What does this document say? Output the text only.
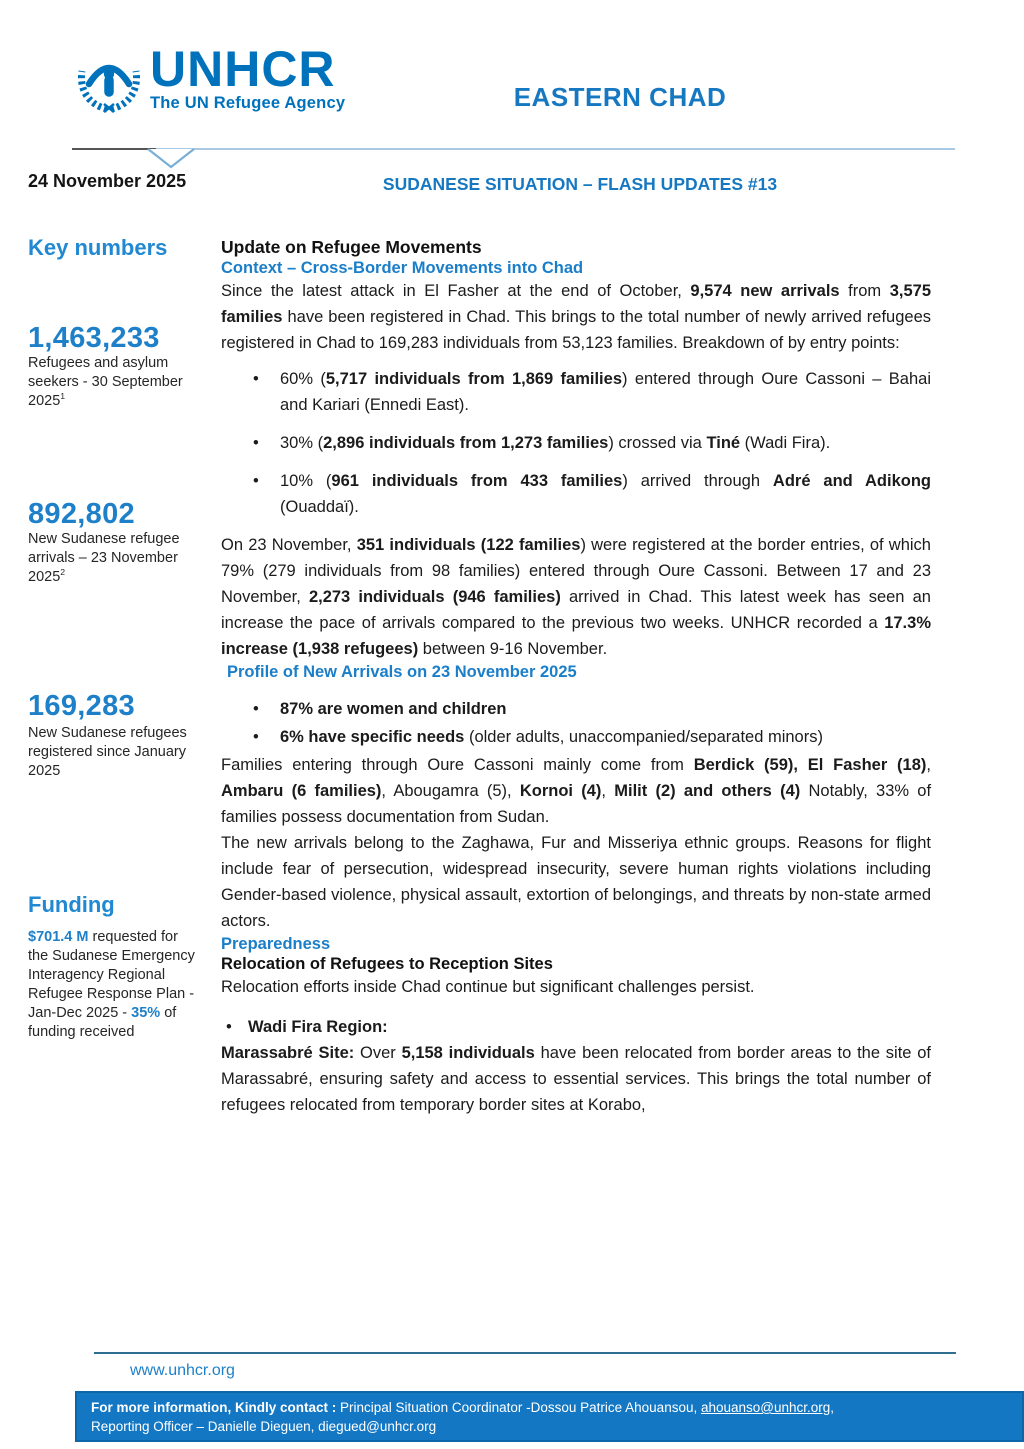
UNHCR
The UN Refugee Agency	EASTERN CHAD
24 November 2025	SUDANESE SITUATION – FLASH UPDATES #13
Key numbers
1,463,233
Refugees and asylum seekers - 30 September 2025$^1$
892,802
New Sudanese refugee arrivals – 23 November 2025$^2$
169,283
New Sudanese refugees registered since January 2025
Funding
$701.4 M requested for the Sudanese Emergency Interagency Regional Refugee Response Plan - Jan-Dec 2025 - 35% of funding received
Update on Refugee Movements
Context – Cross-Border Movements into Chad

Since the latest attack in El Fasher at the end of October, 9,574 new arrivals from 3,575 families have been registered in Chad. This brings to the total number of newly arrived refugees registered in Chad to 169,283 individuals from 53,123 families. Breakdown of by entry points:

• 60% (5,717 individuals from 1,869 families) entered through Oure Cassoni – Bahai and Kariari (Ennedi East).
• 30% (2,896 individuals from 1,273 families) crossed via Tiné (Wadi Fira).
• 10% (961 individuals from 433 families) arrived through Adré and Adikong (Ouaddaï).

On 23 November, 351 individuals (122 families) were registered at the border entries, of which 79% (279 individuals from 98 families) entered through Oure Cassoni. Between 17 and 23 November, 2,273 individuals (946 families) arrived in Chad. This latest week has seen an increase the pace of arrivals compared to the previous two weeks. UNHCR recorded a 17.3% increase (1,938 refugees) between 9-16 November.

Profile of New Arrivals on 23 November 2025
• 87% are women and children
• 6% have specific needs (older adults, unaccompanied/separated minors)

Families entering through Oure Cassoni mainly come from Berdick (59), El Fasher (18), Ambaru (6 families), Abougamra (5), Kornoi (4), Milit (2) and others (4) Notably, 33% of families possess documentation from Sudan.

The new arrivals belong to the Zaghawa, Fur and Misseriya ethnic groups. Reasons for flight include fear of persecution, widespread insecurity, severe human rights violations including Gender-based violence, physical assault, extortion of belongings, and threats by non-state armed actors.

Preparedness
Relocation of Refugees to Reception Sites

Relocation efforts inside Chad continue but significant challenges persist.

• Wadi Fira Region:

Marassabré Site: Over 5,158 individuals have been relocated from border areas to the site of Marassabré, ensuring safety and access to essential services. This brings the total number of refugees relocated from temporary border sites at Korabo,

www.unhcr.org

For more information, Kindly contact : Principal Situation Coordinator -Dossou Patrice Ahouansou, ahouanso@unhcr.org,

Reporting Officer – Danielle Dieguen, diegued@unhcr.org
